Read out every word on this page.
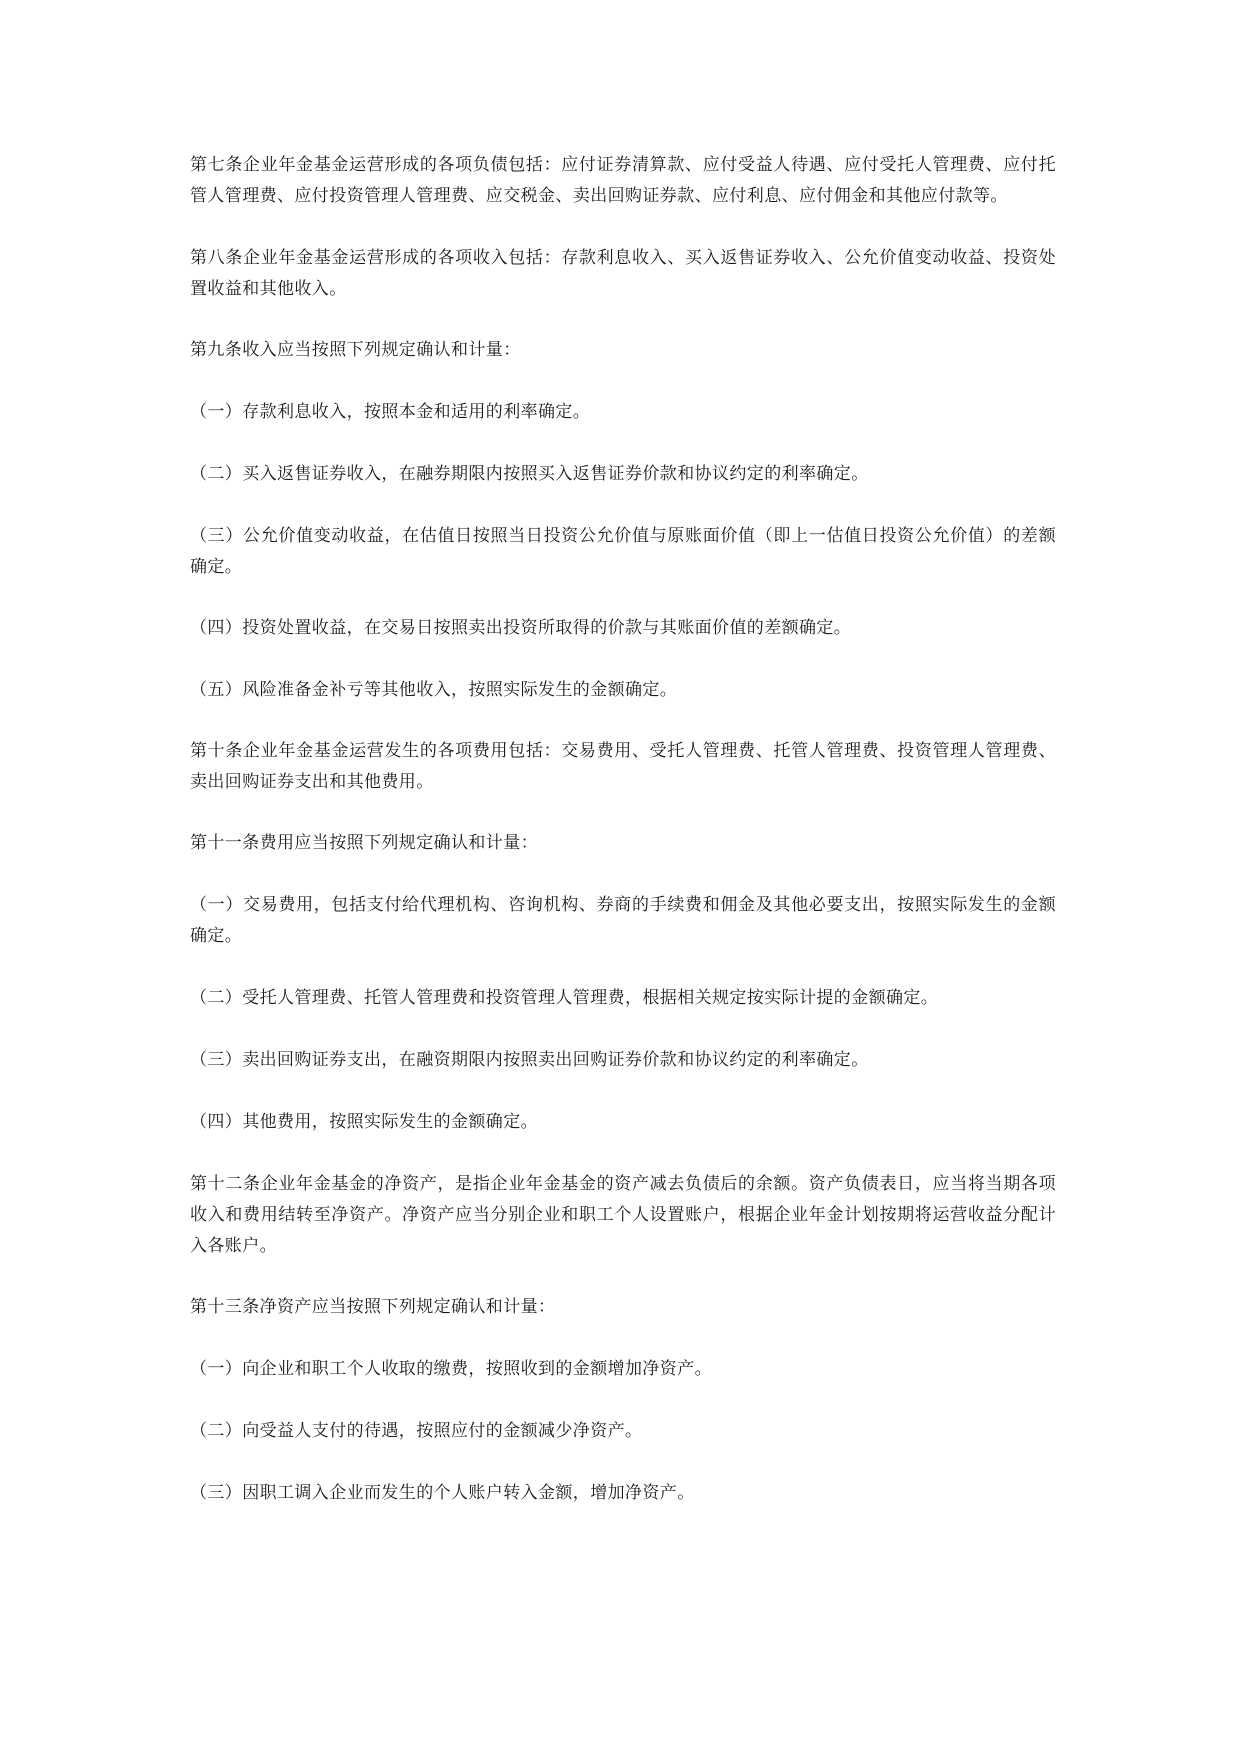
第七条企业年金基金运营形成的各项负债包括：应付证券清算款、应付受益人待遇、应付受托人管理费、应付托管人管理费、应付投资管理人管理费、应交税金、卖出回购证券款、应付利息、应付佣金和其他应付款等。

第八条企业年金基金运营形成的各项收入包括：存款利息收入、买入返售证券收入、公允价值变动收益、投资处置收益和其他收入。

第九条收入应当按照下列规定确认和计量：

（一）存款利息收入，按照本金和适用的利率确定。

（二）买入返售证券收入，在融券期限内按照买入返售证券价款和协议约定的利率确定。

（三）公允价值变动收益，在估值日按照当日投资公允价值与原账面价值（即上一估值日投资公允价值）的差额确定。

（四）投资处置收益，在交易日按照卖出投资所取得的价款与其账面价值的差额确定。

（五）风险准备金补亏等其他收入，按照实际发生的金额确定。

第十条企业年金基金运营发生的各项费用包括：交易费用、受托人管理费、托管人管理费、投资管理人管理费、卖出回购证券支出和其他费用。

第十一条费用应当按照下列规定确认和计量：

（一）交易费用，包括支付给代理机构、咨询机构、券商的手续费和佣金及其他必要支出，按照实际发生的金额确定。

（二）受托人管理费、托管人管理费和投资管理人管理费，根据相关规定按实际计提的金额确定。

（三）卖出回购证券支出，在融资期限内按照卖出回购证券价款和协议约定的利率确定。

（四）其他费用，按照实际发生的金额确定。

第十二条企业年金基金的净资产，是指企业年金基金的资产减去负债后的余额。资产负债表日，应当将当期各项收入和费用结转至净资产。净资产应当分别企业和职工个人设置账户，根据企业年金计划按期将运营收益分配计入各账户。

第十三条净资产应当按照下列规定确认和计量：

（一）向企业和职工个人收取的缴费，按照收到的金额增加净资产。

（二）向受益人支付的待遇，按照应付的金额减少净资产。

（三）因职工调入企业而发生的个人账户转入金额，增加净资产。
